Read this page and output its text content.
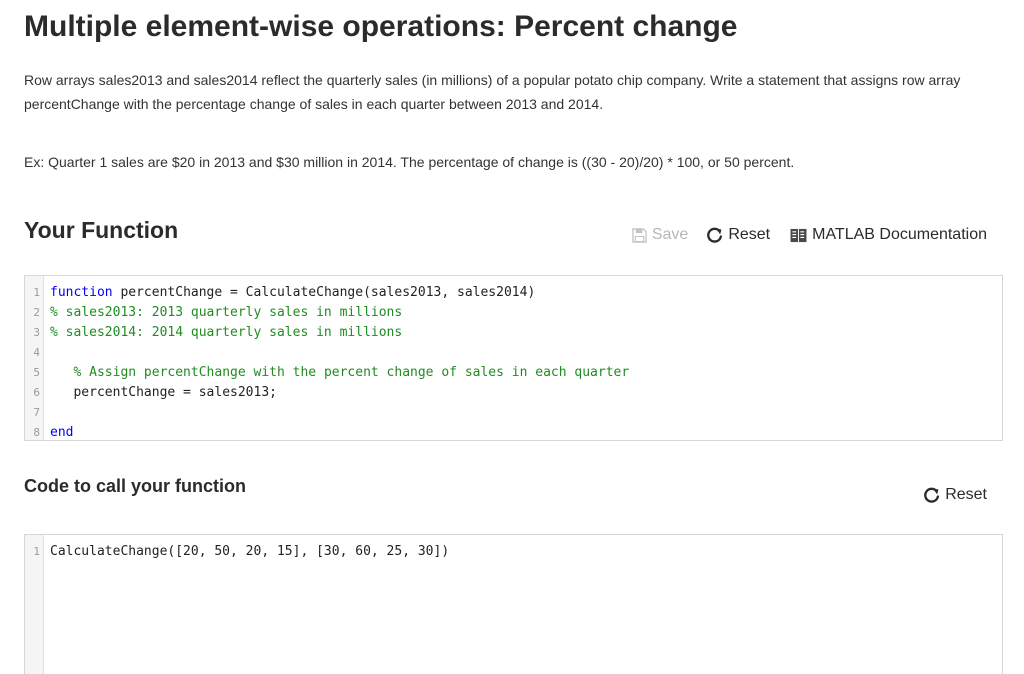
Multiple element-wise operations: Percent change
Row arrays sales2013 and sales2014 reflect the quarterly sales (in millions) of a popular potato chip company. Write a statement that assigns row array percentChange with the percentage change of sales in each quarter between 2013 and 2014.
Ex: Quarter 1 sales are $20 in 2013 and $30 million in 2014. The percentage of change is ((30 - 20)/20) * 100, or 50 percent.
Your Function	Save	Reset	MATLAB Documentation
1 function percentChange = CalculateChange(sales2013, sales2014)
2 % sales2013: 2013 quarterly sales in millions
3 % sales2014: 2014 quarterly sales in millions
4
5	% Assign percentChange with the percent change of sales in each quarter
6	percentChange = sales2013;
7
8 end
Code to call your function	Reset
1 CalculateChange([20, 50, 20, 15], [30, 60, 25, 30])
